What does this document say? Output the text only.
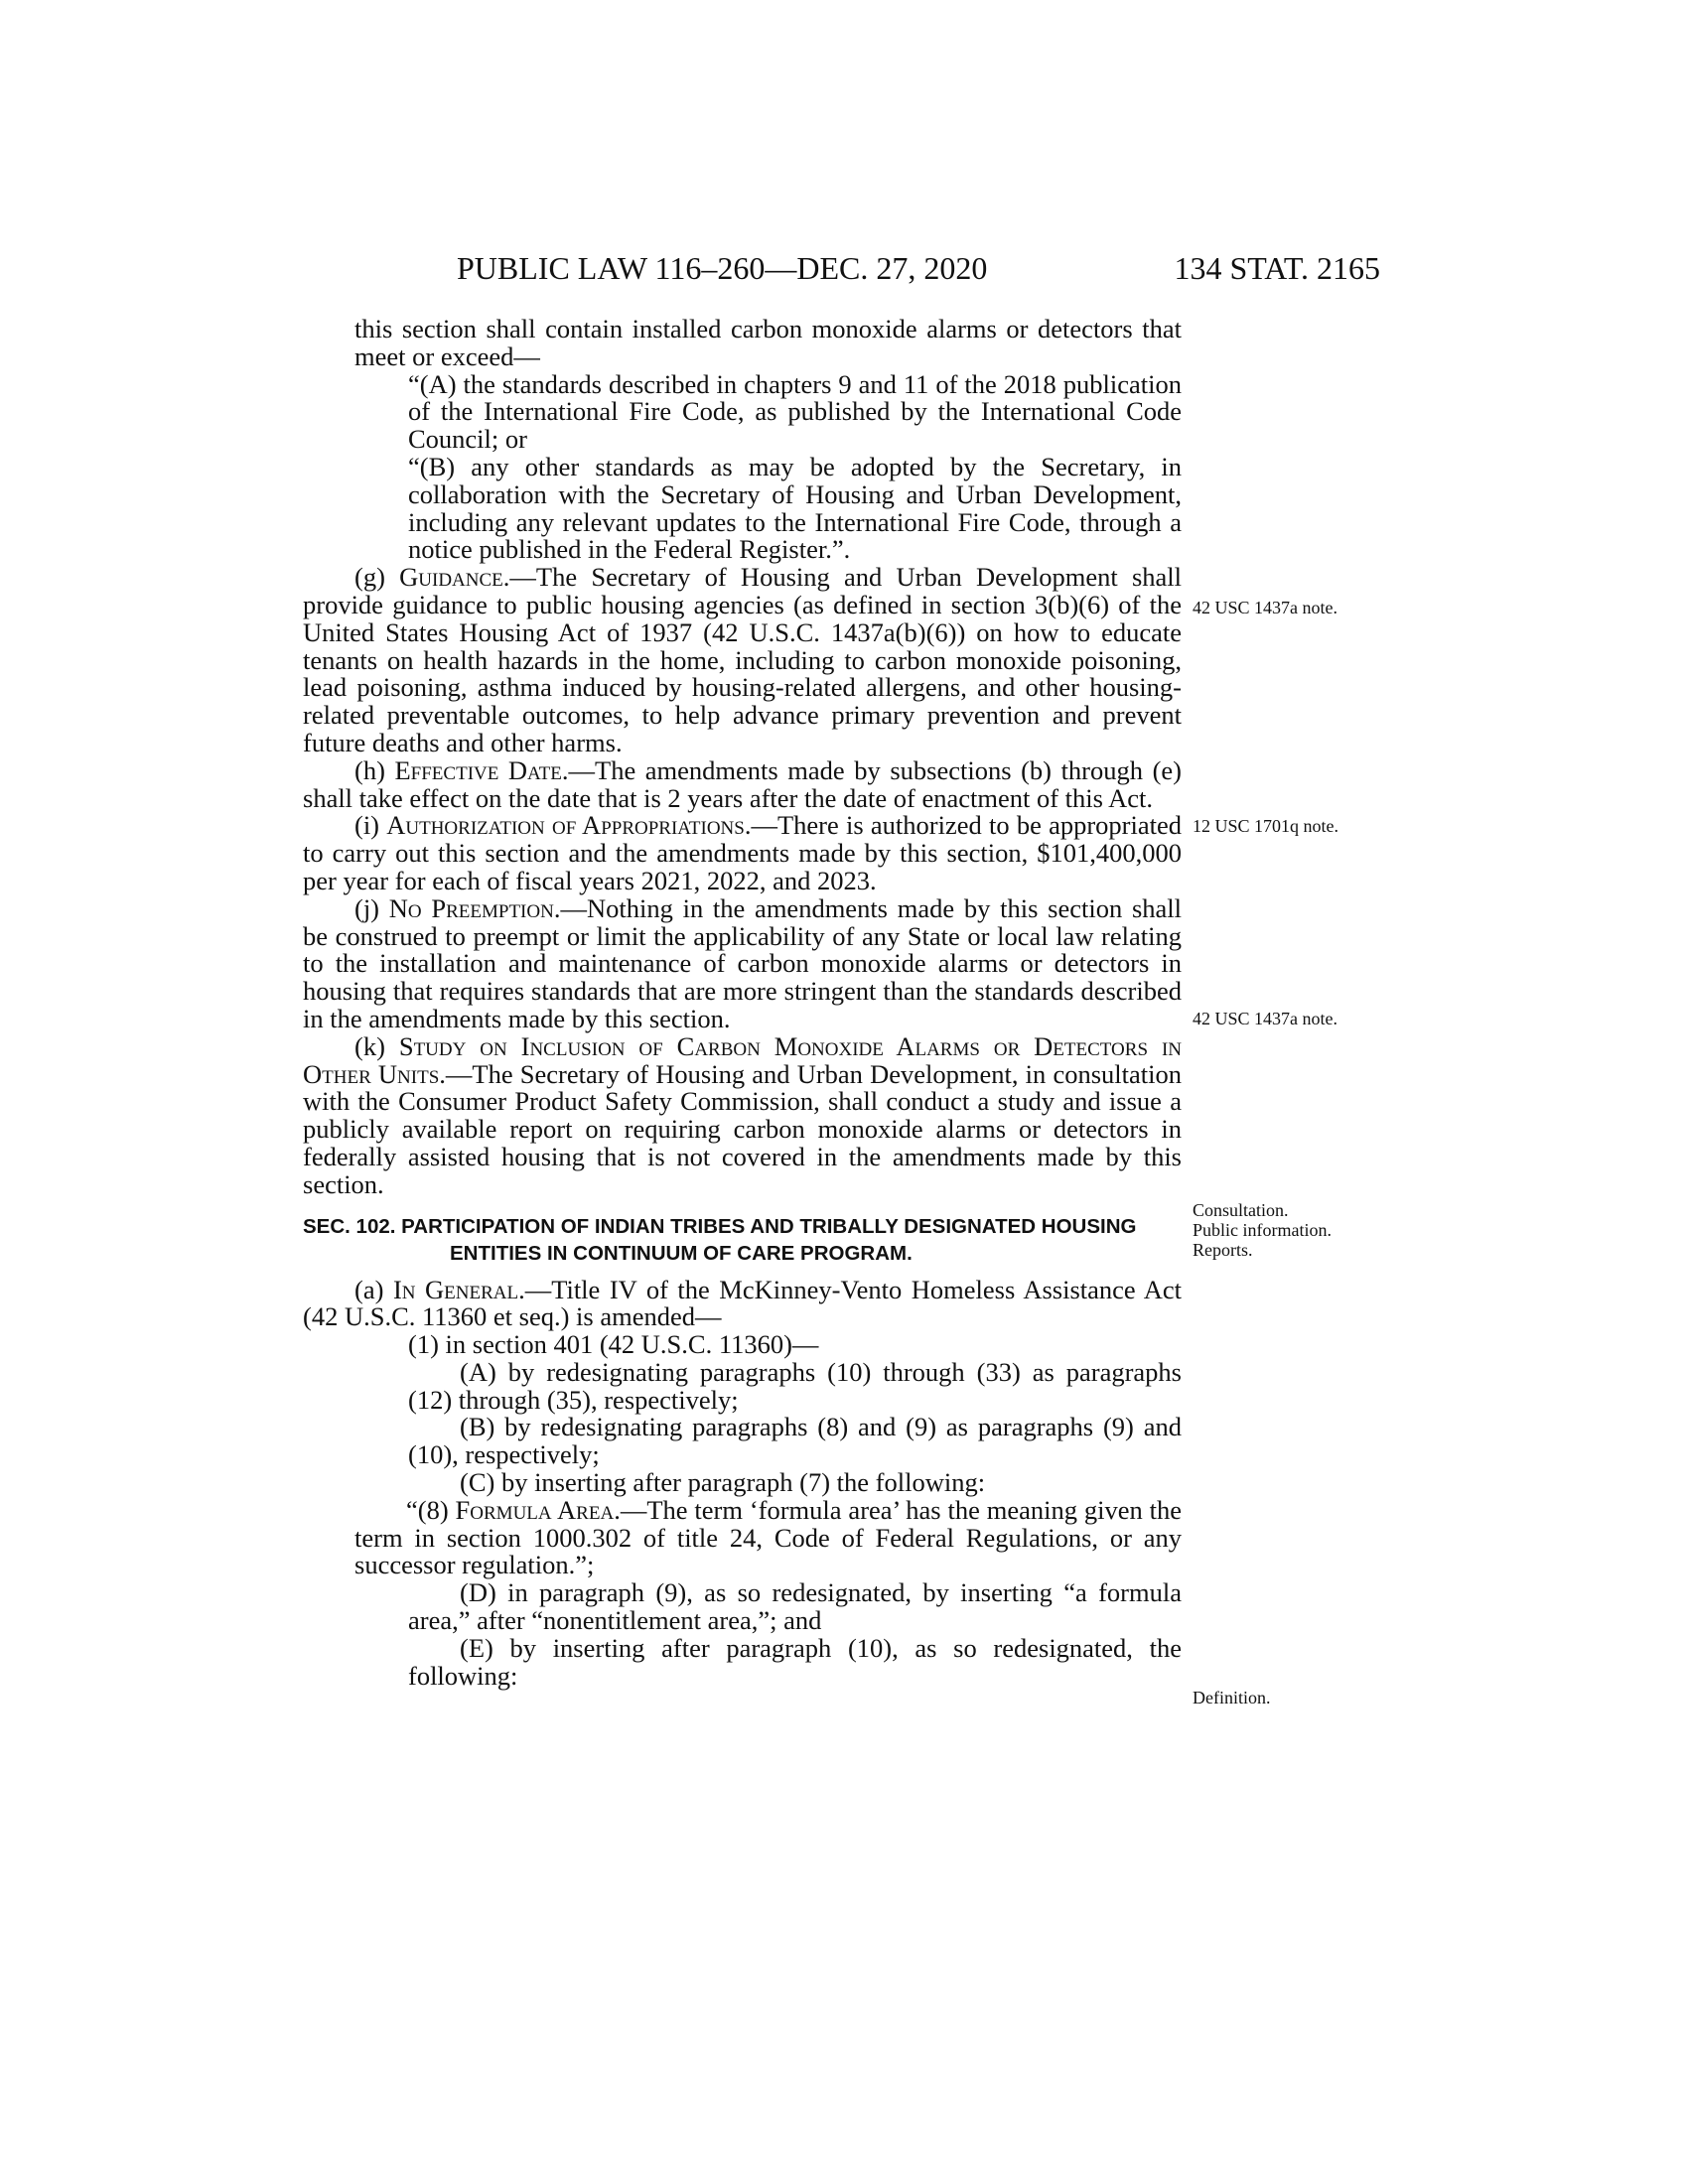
PUBLIC LAW 116–260—DEC. 27, 2020	134 STAT. 2165

this section shall contain installed carbon monoxide alarms or detectors that meet or exceed—

“(A) the standards described in chapters 9 and 11 of the 2018 publication of the International Fire Code, as published by the International Code Council; or

“(B) any other standards as may be adopted by the Secretary, in collaboration with the Secretary of Housing and Urban Development, including any relevant updates to the International Fire Code, through a notice published in the Federal Register.”.

(g) Guidance.—The Secretary of Housing and Urban Development shall provide guidance to public housing agencies (as defined in section 3(b)(6) of the United States Housing Act of 1937 (42 U.S.C. 1437a(b)(6)) on how to educate tenants on health hazards in the home, including to carbon monoxide poisoning, lead poisoning, asthma induced by housing-related allergens, and other housing-related preventable outcomes, to help advance primary prevention and prevent future deaths and other harms.

(h) Effective Date.—The amendments made by subsections (b) through (e) shall take effect on the date that is 2 years after the date of enactment of this Act.

(i) Authorization of Appropriations.—There is authorized to be appropriated to carry out this section and the amendments made by this section, $101,400,000 per year for each of fiscal years 2021, 2022, and 2023.

(j) No Preemption.—Nothing in the amendments made by this section shall be construed to preempt or limit the applicability of any State or local law relating to the installation and maintenance of carbon monoxide alarms or detectors in housing that requires standards that are more stringent than the standards described in the amendments made by this section.

(k) Study on Inclusion of Carbon Monoxide Alarms or Detectors in Other Units.—The Secretary of Housing and Urban Development, in consultation with the Consumer Product Safety Commission, shall conduct a study and issue a publicly available report on requiring carbon monoxide alarms or detectors in federally assisted housing that is not covered in the amendments made by this section.

SEC. 102. PARTICIPATION OF INDIAN TRIBES AND TRIBALLY DESIGNATED HOUSING ENTITIES IN CONTINUUM OF CARE PROGRAM.

(a) In General.—Title IV of the McKinney-Vento Homeless Assistance Act (42 U.S.C. 11360 et seq.) is amended—

(1) in section 401 (42 U.S.C. 11360)—

(A) by redesignating paragraphs (10) through (33) as paragraphs (12) through (35), respectively;

(B) by redesignating paragraphs (8) and (9) as paragraphs (9) and (10), respectively;

(C) by inserting after paragraph (7) the following:

“(8) Formula Area.—The term ‘formula area’ has the meaning given the term in section 1000.302 of title 24, Code of Federal Regulations, or any successor regulation.”;

(D) in paragraph (9), as so redesignated, by inserting “a formula area,” after “nonentitlement area,”; and

(E) by inserting after paragraph (10), as so redesignated, the following:

42 USC 1437a note.
12 USC 1701q note.
42 USC 1437a note.
Consultation.
Public information.
Reports.
Definition.
